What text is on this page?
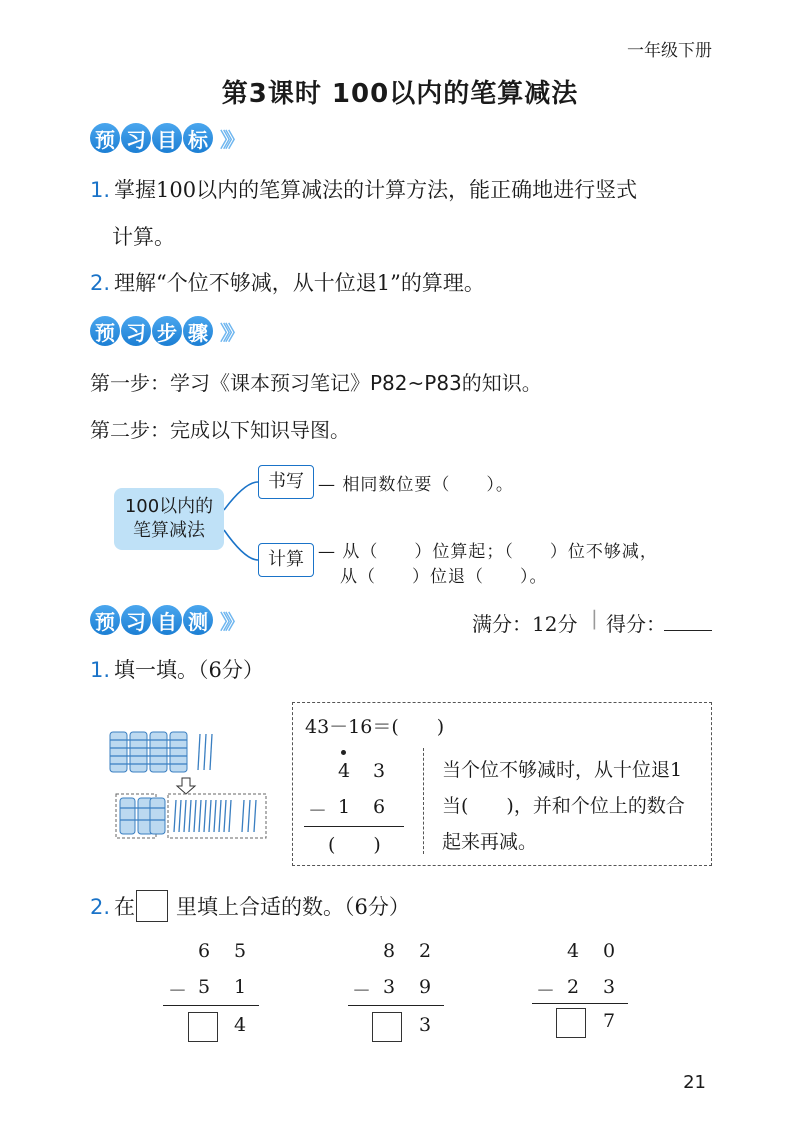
一年级下册
第3课时 100以内的笔算减法
预 习 目 标 》》
1. 掌握100以内的笔算减法的计算方法，能正确地进行竖式
计算。
2. 理解“个位不够减，从十位退1”的算理。
预 习 步 骤 》》
第一步：学习《课本预习笔记》P82~P83的知识。
第二步：完成以下知识导图。
100以内的
笔算减法
书写 — 相同数位要（　　）。
计算 — 从（　　）位算起；（　　）位不够减，
从（　　）位退（　　）。
预 习 自 测 》》	满分：12分 | 得分：
1. 填一填。（6分）
43－16＝(　　)
4 3
－ 1 6
(　　)
当个位不够减时，从十位退1
当(　　)，并和个位上的数合
起来再减。
2. 在 里填上合适的数。（6分）
6 5
－ 5 1
4
8 2
－ 3 9
3
4 0
－ 2 3
7
21
